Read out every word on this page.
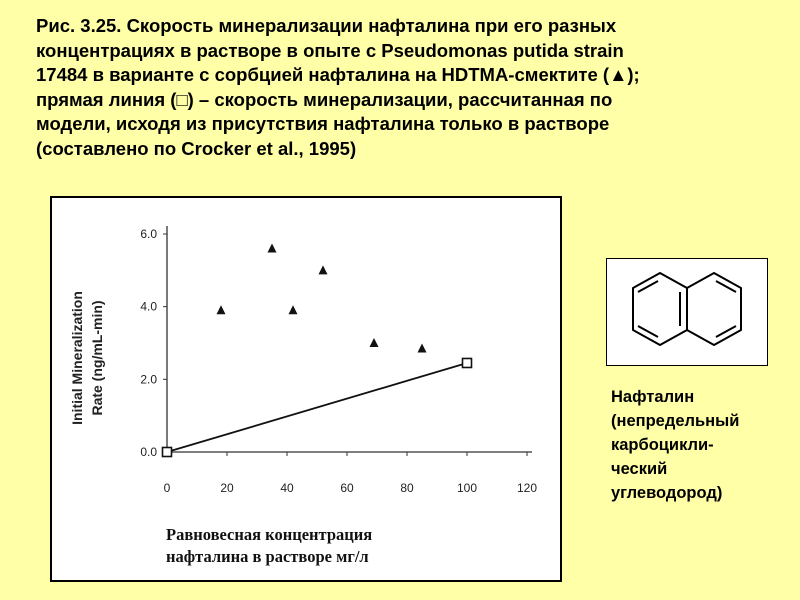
Рис. 3.25. Скорость минерализации нафталина при его разных
концентрациях в растворе в опыте с Pseudomonas putida strain
17484 в варианте с сорбцией нафталина на HDTMA-смектите (▲);
прямая линия (□) – скорость минерализации, рассчитанная по
модели, исходя из присутствия нафталина только в растворе
(составлено по Crocker et al., 1995)
0	20	40	60	80	100	120
0.0
2.0
4.0
6.0
Initial Mineralization Rate (ng/mL-min)
Равновесная концентрация
нафталина в растворе мг/л
Нафталин
(непредельный
карбоцикли-
ческий
углеводород)
